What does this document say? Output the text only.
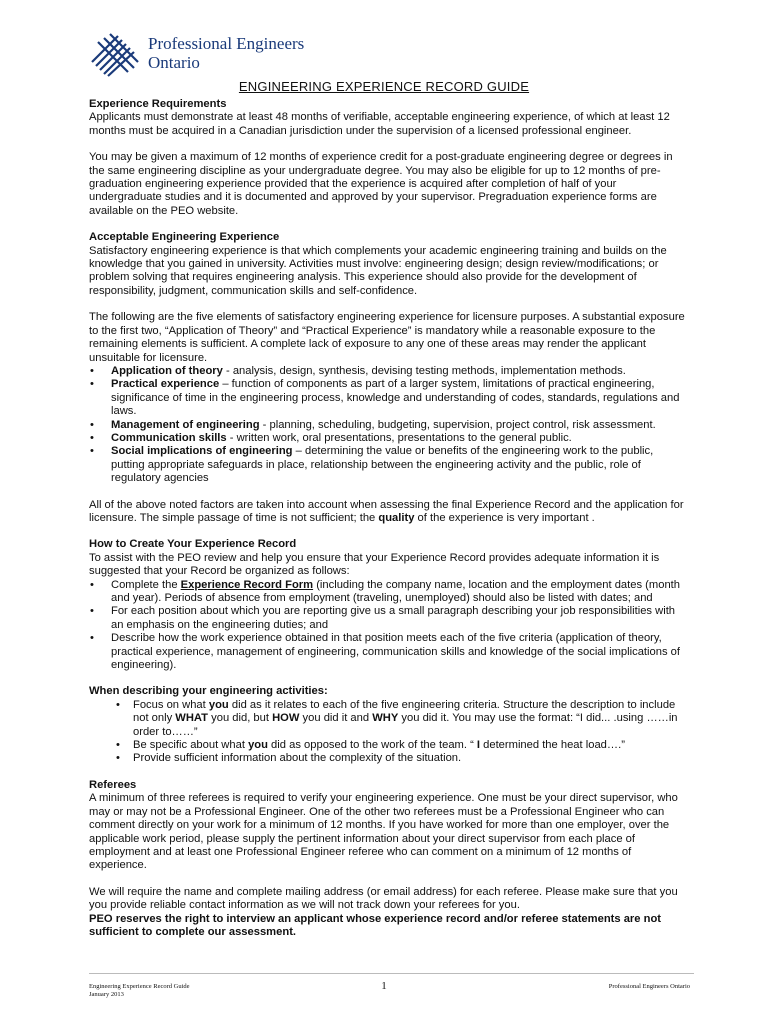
Professional Engineers
Ontario
ENGINEERING EXPERIENCE RECORD GUIDE

Experience Requirements

Applicants must demonstrate at least 48 months of verifiable, acceptable engineering experience, of which at least 12 months must be acquired in a Canadian jurisdiction under the supervision of a licensed professional engineer.

You may be given a maximum of 12 months of experience credit for a post-graduate engineering degree or degrees in the same engineering discipline as your undergraduate degree. You may also be eligible for up to 12 months of pre-graduation engineering experience provided that the experience is acquired after completion of half of your undergraduate studies and it is documented and approved by your supervisor. Pregraduation experience forms are available on the PEO website.

Acceptable Engineering Experience

Satisfactory engineering experience is that which complements your academic engineering training and builds on the knowledge that you gained in university. Activities must involve: engineering design; design review/modifications; or problem solving that requires engineering analysis. This experience should also provide for the development of responsibility, judgment, communication skills and self-confidence.

The following are the five elements of satisfactory engineering experience for licensure purposes. A substantial exposure to the first two, “Application of Theory” and “Practical Experience” is mandatory while a reasonable exposure to the remaining elements is sufficient. A complete lack of exposure to any one of these areas may render the applicant unsuitable for licensure.

• Application of theory - analysis, design, synthesis, devising testing methods, implementation methods.
• Practical experience – function of components as part of a larger system, limitations of practical engineering, significance of time in the engineering process, knowledge and understanding of codes, standards, regulations and laws.
• Management of engineering - planning, scheduling, budgeting, supervision, project control, risk assessment.
• Communication skills - written work, oral presentations, presentations to the general public.
• Social implications of engineering – determining the value or benefits of the engineering work to the public, putting appropriate safeguards in place, relationship between the engineering activity and the public, role of regulatory agencies

All of the above noted factors are taken into account when assessing the final Experience Record and the application for licensure. The simple passage of time is not sufficient; the quality of the experience is very important .

How to Create Your Experience Record

To assist with the PEO review and help you ensure that your Experience Record provides adequate information it is suggested that your Record be organized as follows:

• Complete the Experience Record Form (including the company name, location and the employment dates (month and year). Periods of absence from employment (traveling, unemployed) should also be listed with dates; and
• For each position about which you are reporting give us a small paragraph describing your job responsibilities with an emphasis on the engineering duties; and
• Describe how the work experience obtained in that position meets each of the five criteria (application of theory, practical experience, management of engineering, communication skills and knowledge of the social implications of engineering).

When describing your engineering activities:

• Focus on what you did as it relates to each of the five engineering criteria. Structure the description to include not only WHAT you did, but HOW you did it and WHY you did it. You may use the format: “I did... .using ……in order to……”
• Be specific about what you did as opposed to the work of the team. “ I determined the heat load….”
• Provide sufficient information about the complexity of the situation.

Referees

A minimum of three referees is required to verify your engineering experience. One must be your direct supervisor, who may or may not be a Professional Engineer. One of the other two referees must be a Professional Engineer who can comment directly on your work for a minimum of 12 months. If you have worked for more than one employer, over the applicable work period, please supply the pertinent information about your direct supervisor from each place of employment and at least one Professional Engineer referee who can comment on a minimum of 12 months of experience.

We will require the name and complete mailing address (or email address) for each referee. Please make sure that you you provide reliable contact information as we will not track down your referees for you.

PEO reserves the right to interview an applicant whose experience record and/or referee statements are not sufficient to complete our assessment.

Engineering Experience Record Guide
January 2013
1	Professional Engineers Ontario
